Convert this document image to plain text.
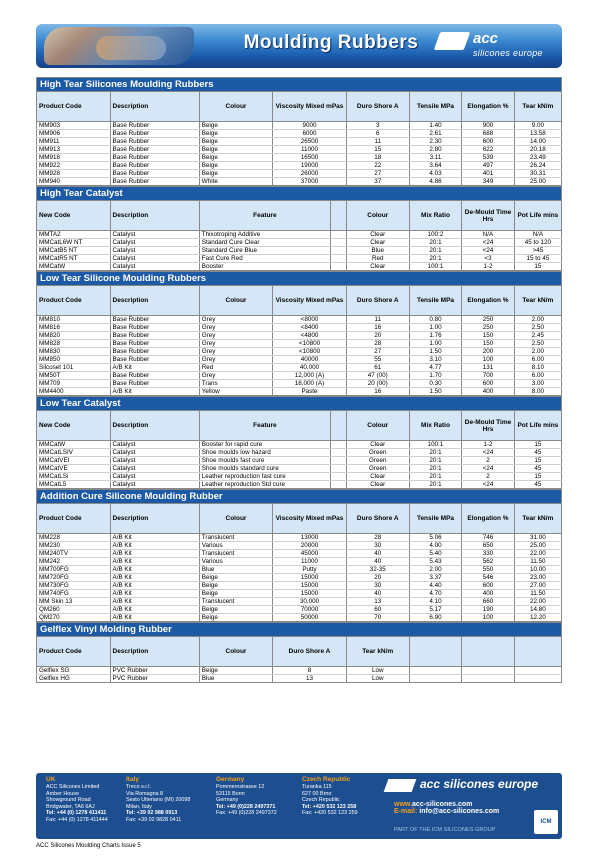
Moulding Rubbers	acc
silicones europe
High Tear Silicones Moulding Rubbers
Product Code	Description	Colour	Viscosity Mixed mPas	Duro Shore A	Tensile MPa	Elongation %	Tear kN/m
MM903	Base Rubber	Beige	9000	3	1.40	900	9.00
MM906	Base Rubber	Beige	6000	6	2.61	688	13.58
MM911	Base Rubber	Beige	26500	11	2.30	600	14.00
MM913	Base Rubber	Beige	11000	15	2.80	622	20.18
MM918	Base Rubber	Beige	16500	18	3.11	539	23.49
MM922	Base Rubber	Beige	19000	22	3.64	497	26.24
MM928	Base Rubber	Beige	26000	27	4.03	401	30.31
MM940	Base Rubber	White	37000	37	4.86	349	25.00
High Tear Catalyst
New Code	Description	Feature		Colour	Mix Ratio	De-Mould Time Hrs	Pot Life mins
MMTA2	Catalyst	Thixotroping Additive		Clear	100:2	N/A	N/A
MMCatL6W NT	Catalyst	Standard Cure Clear		Clear	20:1	<24	45 to 120
MMCatB5 NT	Catalyst	Standard Cure Blue		Blue	20:1	<24	>45
MMCatR5 NT	Catalyst	Fast Cure Red		Red	20:1	<3	15 to 45
MMCatW	Catalyst	Booster		Clear	100:1	1-2	15
Low Tear Silicone Moulding Rubbers
Product Code	Description	Colour	Viscosity Mixed mPas	Duro Shore A	Tensile MPa	Elongation %	Tear kN/m
MM810	Base Rubber	Grey	<8000	11	0.80	250	2.00
MM816	Base Rubber	Grey	<8400	16	1.00	250	2.50
MM820	Base Rubber	Grey	<4800	20	1.76	150	2.45
MM828	Base Rubber	Grey	<10800	28	1.00	150	2.50
MM830	Base Rubber	Grey	<10800	27	1.50	200	2.00
MM850	Base Rubber	Grey	40000	55	3.10	100	6.00
Silcoset 101	A/B Kit	Red	40,000	61	4.77	131	8.10
MM50T	Base Rubber	Grey	12,000 (A)	47 (00)	1.70	700	6.00
MM709	Base Rubber	Trans	18,000 (A)	20 (00)	0.30	600	3.00
MM4400	A/B Kit	Yellow	Paste	16	1.50	400	8.00
Low Tear Catalyst
New Code	Description	Feature		Colour	Mix Ratio	De-Mould Time Hrs	Pot Life mins
MMCatW	Catalyst	Booster for rapid cure		Clear	100:1	1-2	15
MMCatLSIV	Catalyst	Shoe moulds low hazard		Green	20:1	<24	45
MMCatVEI	Catalyst	Shoe moulds fast cure		Green	20:1	2	15
MMCatVE	Catalyst	Shoe moulds standard cure		Green	20:1	<24	45
MMCatLSi	Catalyst	Leather reproduction fast cure		Clear	20:1	2	15
MMCatL5	Catalyst	Leather reproduction Std cure		Clear	20:1	<24	45
Addition Cure Silicone Moulding Rubber
Product Code	Description	Colour	Viscosity Mixed mPas	Duro Shore A	Tensile MPa	Elongation %	Tear kN/m
MM228	A/B Kit	Translucent	13000	28	5.06	746	31.00
MM230	A/B Kit	Various	20000	30	4.00	650	25.00
MM240TV	A/B Kit	Translucent	45000	40	5.40	330	22.00
MM242	A/B Kit	Various	11000	40	5.43	562	11.50
MM700FG	A/B Kit	Blue	Putty	32-35	2.00	550	10.00
MM720FG	A/B Kit	Beige	15000	20	3.37	546	23.00
MM730FG	A/B Kit	Beige	15000	30	4.40	600	27.00
MM740FG	A/B Kit	Beige	15000	40	4.70	400	11.50
MM Skin 13	A/B Kit	Translucent	30,000	13	4.10	660	22.00
QM260	A/B Kit	Beige	70000	60	5.17	190	14.80
QM270	A/B Kit	Beige	50000	70	6.90	100	12.20
Gelflex Vinyl Molding Rubber
Product Code	Description	Colour	Duro Shore A	Tear kN/m			
Gelflex SG	PVC Rubber	Beige	8	Low			
Gelflex HG	PVC Rubber	Blue	13	Low			
UK
ACC Silicones Limited
Amber House
Showground Road
Bridgwater, TA6 6AJ
Tel: +44 (0) 1278 411411
Fax: +44 (0) 1278 411444
Italy
Treco s.r.l.
Via Romagna 8
Sesto Ulteriano (MI) 20098
Milan, Italy
Tel: +39 02 988 0913
Fax: +39 02 9828 0411
Germany
Pommernstrasse 12
53115 Bonn
Germany
Tel: +49 (0)228 2497371
Fax: +49 (0)228 2497372
Czech Republic
Turanka 115
627 00 Brno
Czech Republic
Tel: +420 532 123 258
Fax: +420 532 123 259
acc silicones europe
www.acc-silicones.com
E-mail: info@acc-silicones.com
PART OF THE ICM SILICONES GROUP
ICM
ACC Silicones Moulding Charts Issue 5
